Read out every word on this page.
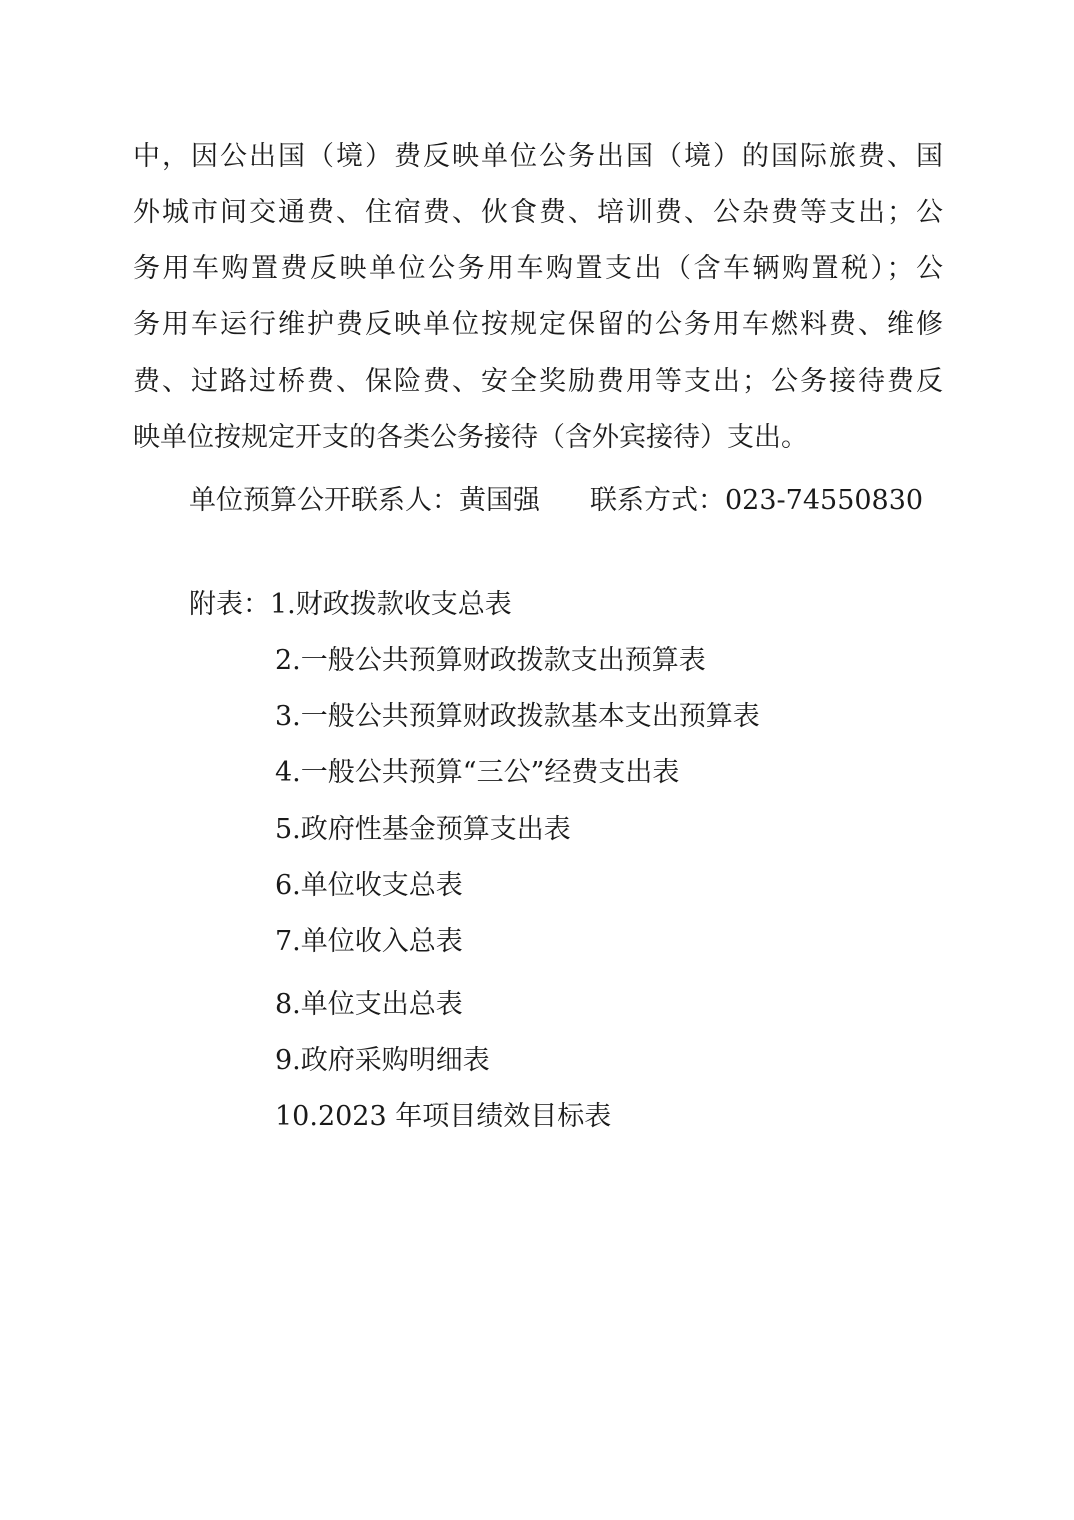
中，因公出国（境）费反映单位公务出国（境）的国际旅费、国
外城市间交通费、住宿费、伙食费、培训费、公杂费等支出；公
务用车购置费反映单位公务用车购置支出（含车辆购置税）；公
务用车运行维护费反映单位按规定保留的公务用车燃料费、维修
费、过路过桥费、保险费、安全奖励费用等支出；公务接待费反
映单位按规定开支的各类公务接待（含外宾接待）支出。
单位预算公开联系人：黄国强 联系方式：023-74550830
附表：1.财政拨款收支总表
2.一般公共预算财政拨款支出预算表
3.一般公共预算财政拨款基本支出预算表
4.一般公共预算“三公”经费支出表
5.政府性基金预算支出表
6.单位收支总表
7.单位收入总表
8.单位支出总表
9.政府采购明细表
10.2023 年项目绩效目标表
